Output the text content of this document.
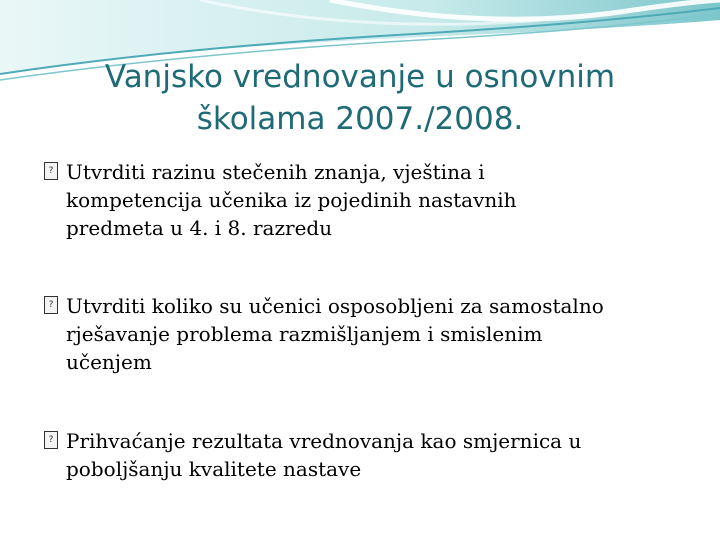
Vanjsko vrednovanje u osnovnim
školama 2007./2008.
? Utvrditi razinu stečenih znanja, vještina i
kompetencija učenika iz pojedinih nastavnih
predmeta u 4. i 8. razredu
? Utvrditi koliko su učenici osposobljeni za samostalno
rješavanje problema razmišljanjem i smislenim
učenjem
? Prihvaćanje rezultata vrednovanja kao smjernica u
poboljšanju kvalitete nastave
